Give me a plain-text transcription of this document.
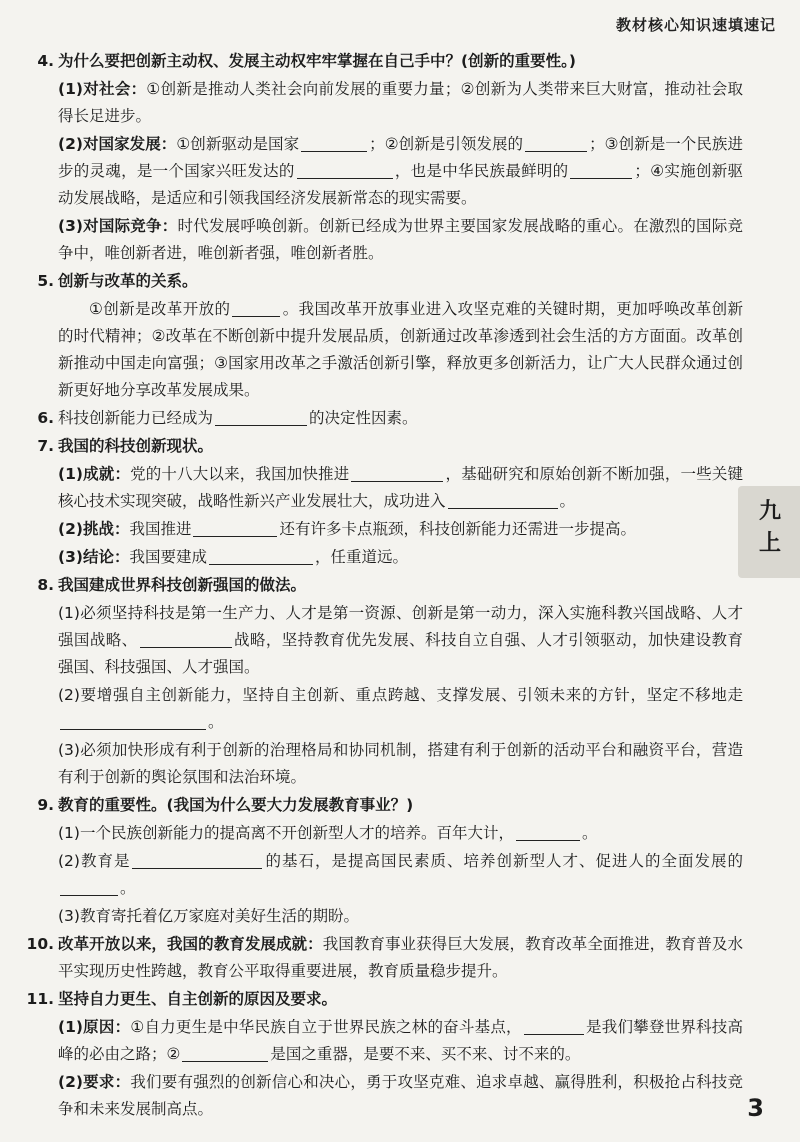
教材核心知识速填速记
4. 为什么要把创新主动权、发展主动权牢牢掌握在自己手中？(创新的重要性。)
(1)对社会：①创新是推动人类社会向前发展的重要力量；②创新为人类带来巨大财富，推动社会取得长足进步。
(2)对国家发展：①创新驱动是国家	；②创新是引领发展的	；③创新是一个民族进步的灵魂，是一个国家兴旺发达的	，也是中华民族最鲜明的	；④实施创新驱动发展战略，是适应和引领我国经济发展新常态的现实需要。
(3)对国际竞争：时代发展呼唤创新。创新已经成为世界主要国家发展战略的重心。在激烈的国际竞争中，唯创新者进，唯创新者强，唯创新者胜。
5. 创新与改革的关系。
①创新是改革开放的	。我国改革开放事业进入攻坚克难的关键时期，更加呼唤改革创新的时代精神；②改革在不断创新中提升发展品质，创新通过改革渗透到社会生活的方方面面。改革创新推动中国走向富强；③国家用改革之手激活创新引擎，释放更多创新活力，让广大人民群众通过创新更好地分享改革发展成果。
6. 科技创新能力已经成为	的决定性因素。
7. 我国的科技创新现状。
(1)成就：党的十八大以来，我国加快推进	，基础研究和原始创新不断加强，一些关键核心技术实现突破，战略性新兴产业发展壮大，成功进入	。
(2)挑战：我国推进	还有许多卡点瓶颈，科技创新能力还需进一步提高。
(3)结论：我国要建成	，任重道远。
8. 我国建成世界科技创新强国的做法。
(1)必须坚持科技是第一生产力、人才是第一资源、创新是第一动力，深入实施科教兴国战略、人才强国战略、	战略，坚持教育优先发展、科技自立自强、人才引领驱动，加快建设教育强国、科技强国、人才强国。
(2)要增强自主创新能力，坚持自主创新、重点跨越、支撑发展、引领未来的方针，坚定不移地走。
(3)必须加快形成有利于创新的治理格局和协同机制，搭建有利于创新的活动平台和融资平台，营造有利于创新的舆论氛围和法治环境。
9. 教育的重要性。(我国为什么要大力发展教育事业？)
(1)一个民族创新能力的提高离不开创新型人才的培养。百年大计，	。
(2)教育是	的基石，是提高国民素质、培养创新型人才、促进人的全面发展的。
(3)教育寄托着亿万家庭对美好生活的期盼。
10. 改革开放以来，我国的教育发展成就：我国教育事业获得巨大发展，教育改革全面推进，教育普及水平实现历史性跨越，教育公平取得重要进展，教育质量稳步提升。
11. 坚持自力更生、自主创新的原因及要求。
(1)原因：①自力更生是中华民族自立于世界民族之林的奋斗基点，	是我们攀登世界科技高峰的必由之路；②	是国之重器，是要不来、买不来、讨不来的。
(2)要求：我们要有强烈的创新信心和决心，勇于攻坚克难、追求卓越、赢得胜利，积极抢占科技竞争和未来发展制高点。
九上
3
